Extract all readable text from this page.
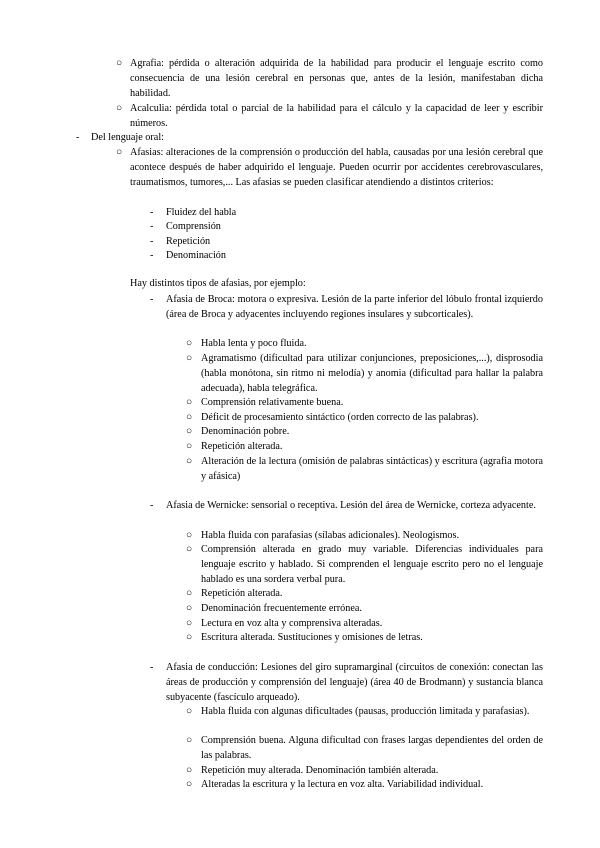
○ Agrafia: pérdida o alteración adquirida de la habilidad para producir el lenguaje escrito como consecuencia de una lesión cerebral en personas que, antes de la lesión, manifestaban dicha habilidad.
○ Acalculia: pérdida total o parcial de la habilidad para el cálculo y la capacidad de leer y escribir números.
- Del lenguaje oral:
○ Afasias: alteraciones de la comprensión o producción del habla, causadas por una lesión cerebral que acontece después de haber adquirido el lenguaje. Pueden ocurrir por accidentes cerebrovasculares, traumatismos, tumores,... Las afasias se pueden clasificar atendiendo a distintos criterios:
- Fluidez del habla
- Comprensión
- Repetición
- Denominación
Hay distintos tipos de afasias, por ejemplo:
- Afasia de Broca: motora o expresiva. Lesión de la parte inferior del lóbulo frontal izquierdo (área de Broca y adyacentes incluyendo regiones insulares y subcorticales).
○ Habla lenta y poco fluida.
○ Agramatismo (dificultad para utilizar conjunciones, preposiciones,...), disprosodia (habla monótona, sin ritmo ni melodía) y anomia (dificultad para hallar la palabra adecuada), habla telegráfica.
○ Comprensión relativamente buena.
○ Déficit de procesamiento sintáctico (orden correcto de las palabras).
○ Denominación pobre.
○ Repetición alterada.
○ Alteración de la lectura (omisión de palabras sintácticas) y escritura (agrafia motora y afásica)
- Afasia de Wernicke: sensorial o receptiva. Lesión del área de Wernicke, corteza adyacente.
○ Habla fluida con parafasias (sílabas adicionales). Neologismos.
○ Comprensión alterada en grado muy variable. Diferencias individuales para lenguaje escrito y hablado. Si comprenden el lenguaje escrito pero no el lenguaje hablado es una sordera verbal pura.
○ Repetición alterada.
○ Denominación frecuentemente errónea.
○ Lectura en voz alta y comprensiva alteradas.
○ Escritura alterada. Sustituciones y omisiones de letras.
- Afasia de conducción: Lesiones del giro supramarginal (circuitos de conexión: conectan las áreas de producción y comprensión del lenguaje) (área 40 de Brodmann) y sustancia blanca subyacente (fascículo arqueado).
○ Habla fluida con algunas dificultades (pausas, producción limitada y parafasias).
○ Comprensión buena. Alguna dificultad con frases largas dependientes del orden de las palabras.
○ Repetición muy alterada. Denominación también alterada.
○ Alteradas la escritura y la lectura en voz alta. Variabilidad individual.
